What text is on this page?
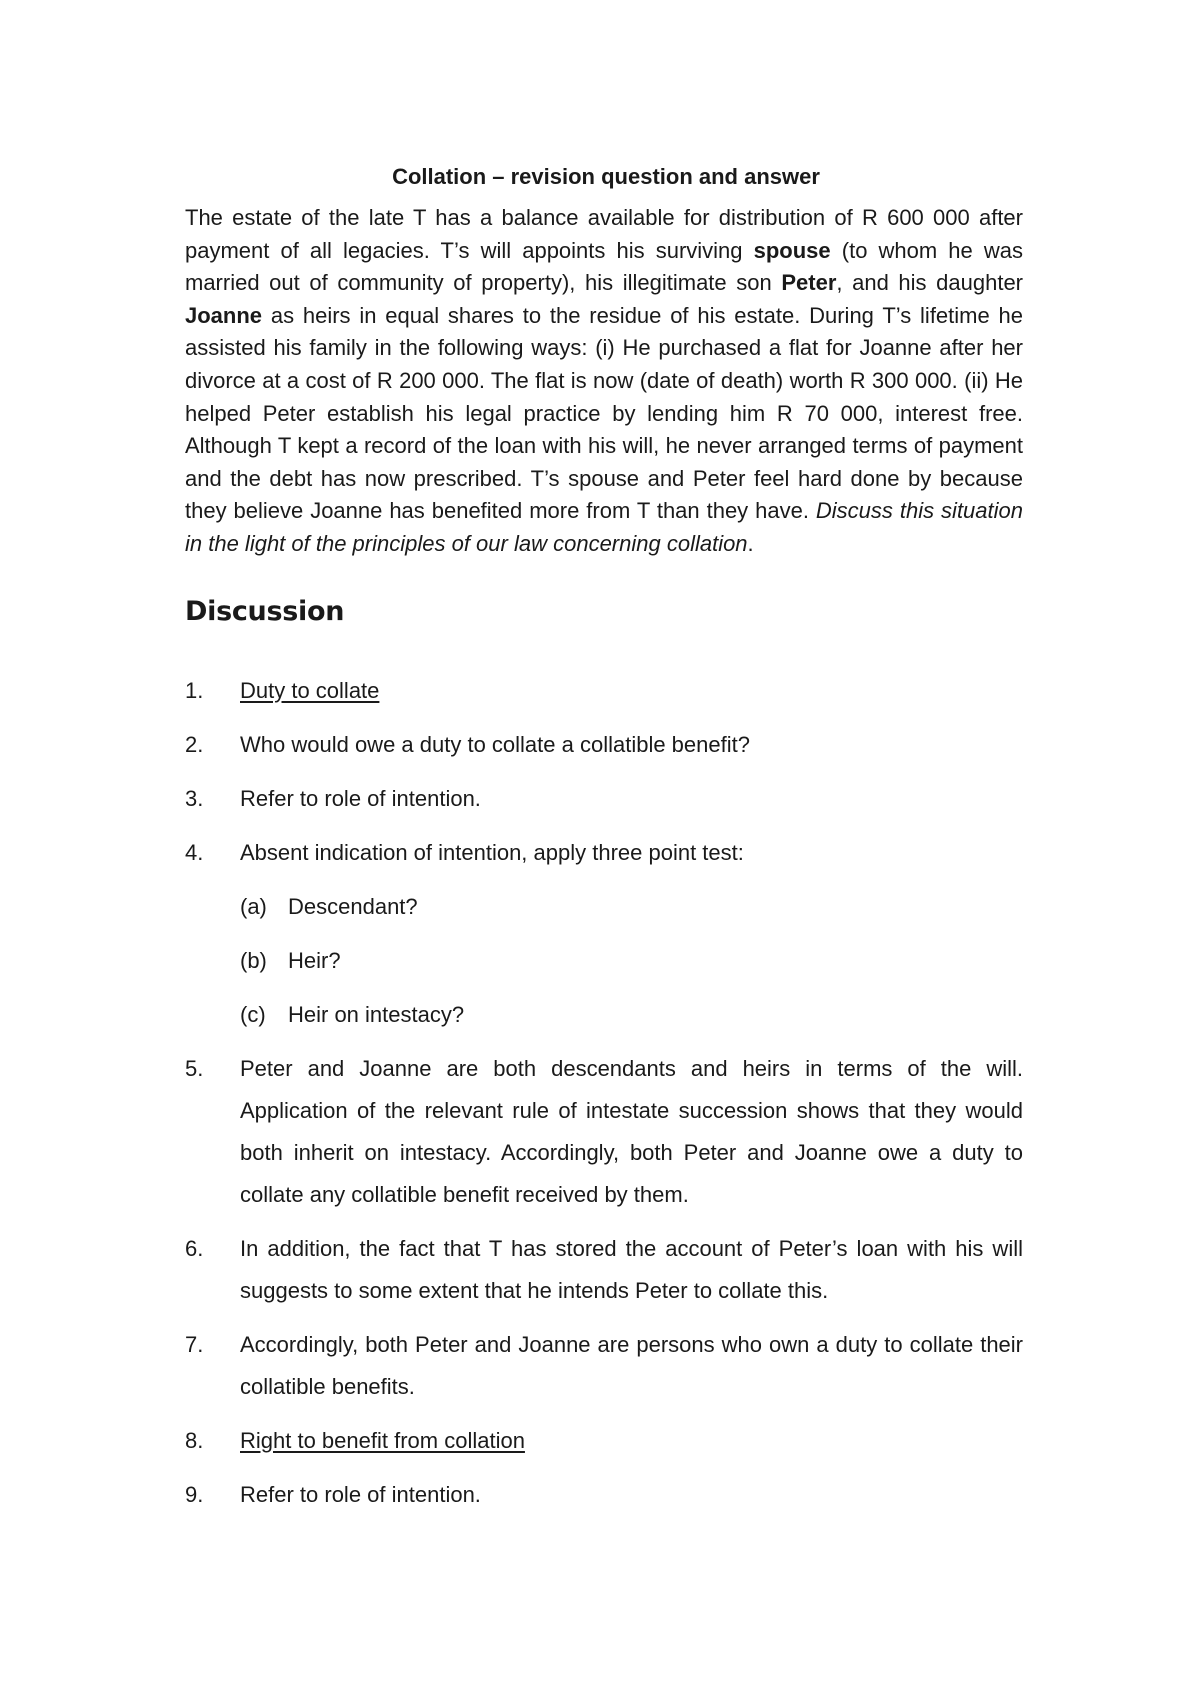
Collation – revision question and answer

The estate of the late T has a balance available for distribution of R 600 000 after payment of all legacies. T’s will appoints his surviving spouse (to whom he was married out of community of property), his illegitimate son Peter, and his daughter Joanne as heirs in equal shares to the residue of his estate. During T’s lifetime he assisted his family in the following ways: (i) He purchased a flat for Joanne after her divorce at a cost of R 200 000. The flat is now (date of death) worth R 300 000. (ii) He helped Peter establish his legal practice by lending him R 70 000, interest free. Although T kept a record of the loan with his will, he never arranged terms of payment and the debt has now prescribed. T’s spouse and Peter feel hard done by because they believe Joanne has benefited more from T than they have. Discuss this situation in the light of the principles of our law concerning collation.

Discussion
1.	Duty to collate
2.	Who would owe a duty to collate a collatible benefit?
3.	Refer to role of intention.
4.	Absent indication of intention, apply three point test:
(a) Descendant?
(b) Heir?
(c)	Heir on intestacy?
5.	Peter and Joanne are both descendants and heirs in terms of the will. Application of the relevant rule of intestate succession shows that they would both inherit on intestacy. Accordingly, both Peter and Joanne owe a duty to collate any collatible benefit received by them.
6.	In addition, the fact that T has stored the account of Peter’s loan with his will suggests to some extent that he intends Peter to collate this.
7.	Accordingly, both Peter and Joanne are persons who own a duty to collate their collatible benefits.
8.	Right to benefit from collation
9.	Refer to role of intention.
